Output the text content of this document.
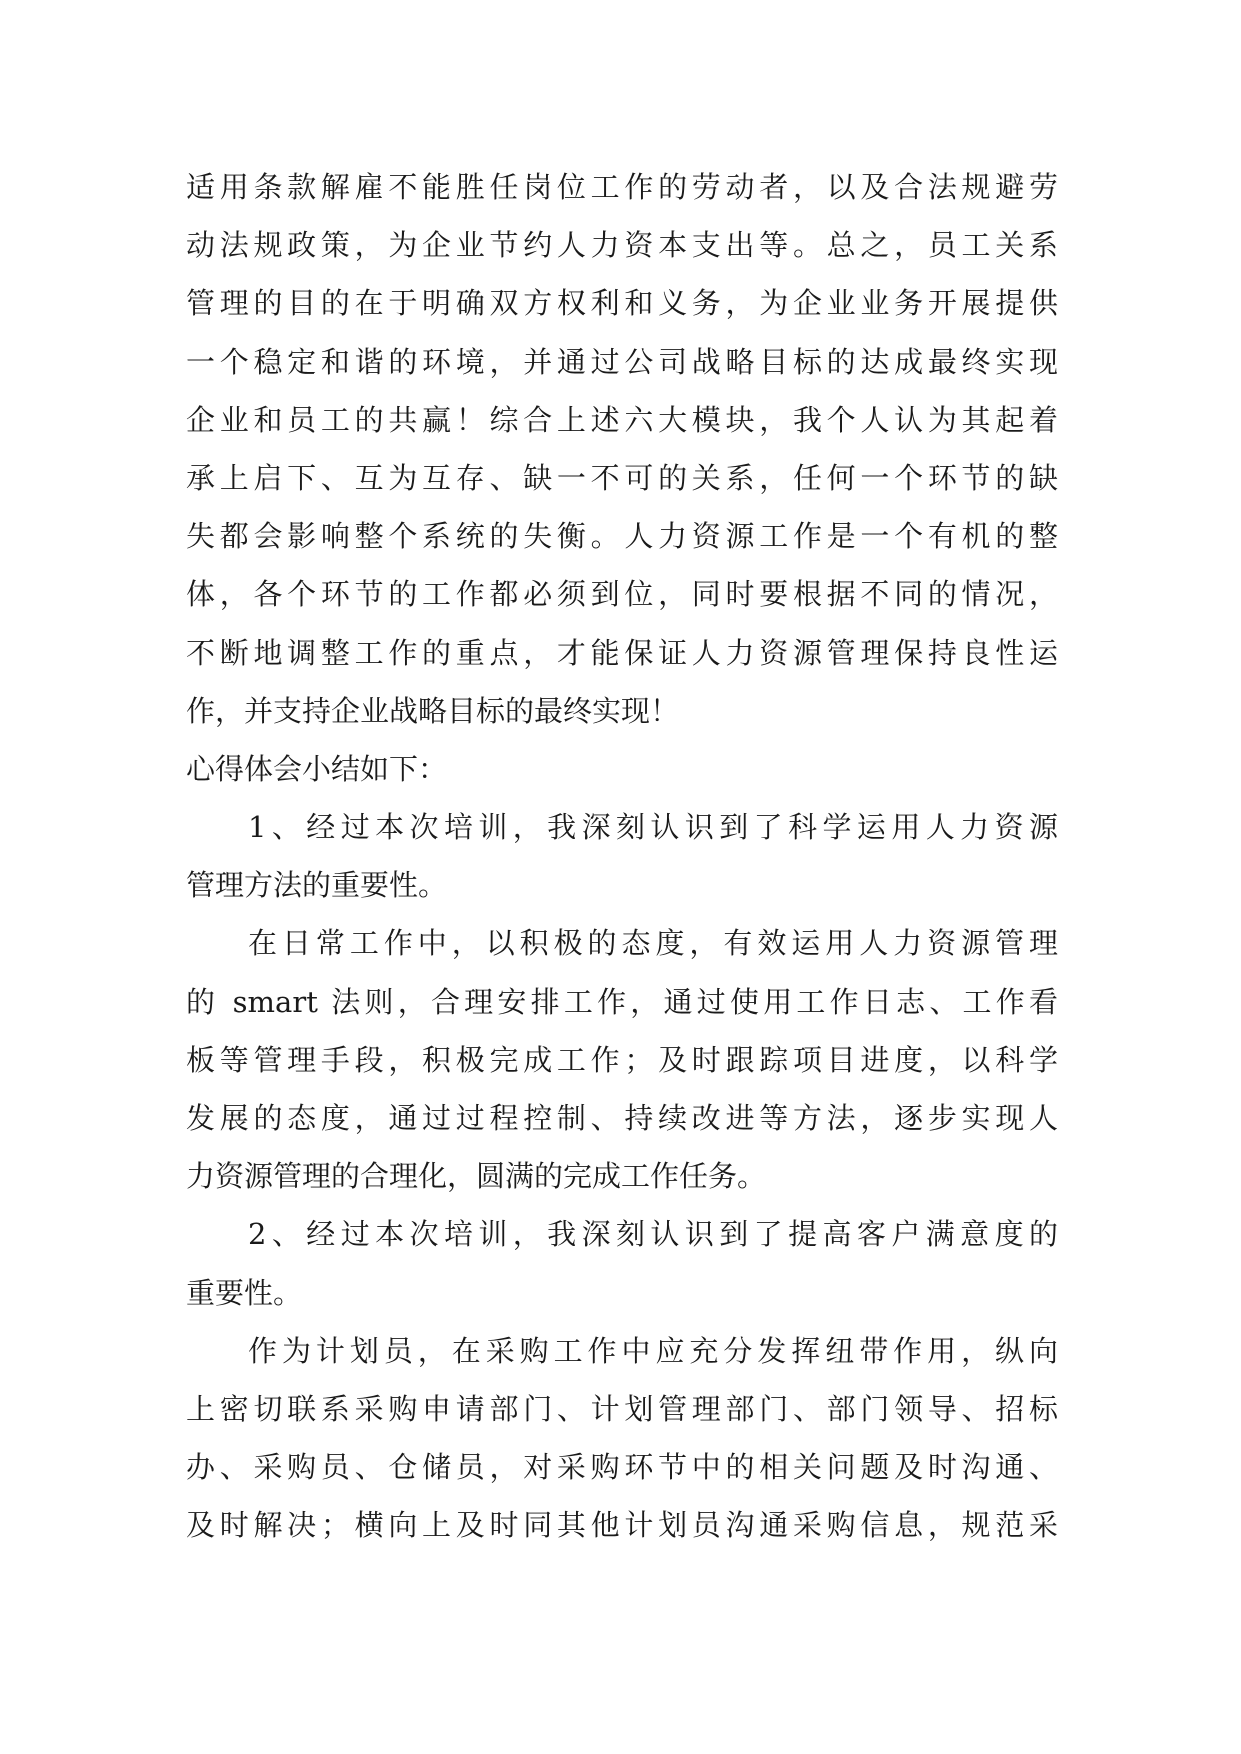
适用条款解雇不能胜任岗位工作的劳动者，以及合法规避劳
动法规政策，为企业节约人力资本支出等。总之，员工关系
管理的目的在于明确双方权利和义务，为企业业务开展提供
一个稳定和谐的环境，并通过公司战略目标的达成最终实现
企业和员工的共赢！综合上述六大模块，我个人认为其起着
承上启下、互为互存、缺一不可的关系，任何一个环节的缺
失都会影响整个系统的失衡。人力资源工作是一个有机的整
体，各个环节的工作都必须到位，同时要根据不同的情况，
不断地调整工作的重点，才能保证人力资源管理保持良性运
作，并支持企业战略目标的最终实现！
心得体会小结如下：
1、经过本次培训，我深刻认识到了科学运用人力资源
管理方法的重要性。
在日常工作中，以积极的态度，有效运用人力资源管理
的 smart 法则，合理安排工作，通过使用工作日志、工作看
板等管理手段，积极完成工作；及时跟踪项目进度，以科学
发展的态度，通过过程控制、持续改进等方法，逐步实现人
力资源管理的合理化，圆满的完成工作任务。
2、经过本次培训，我深刻认识到了提高客户满意度的
重要性。
作为计划员，在采购工作中应充分发挥纽带作用，纵向
上密切联系采购申请部门、计划管理部门、部门领导、招标
办、采购员、仓储员，对采购环节中的相关问题及时沟通、
及时解决；横向上及时同其他计划员沟通采购信息，规范采
